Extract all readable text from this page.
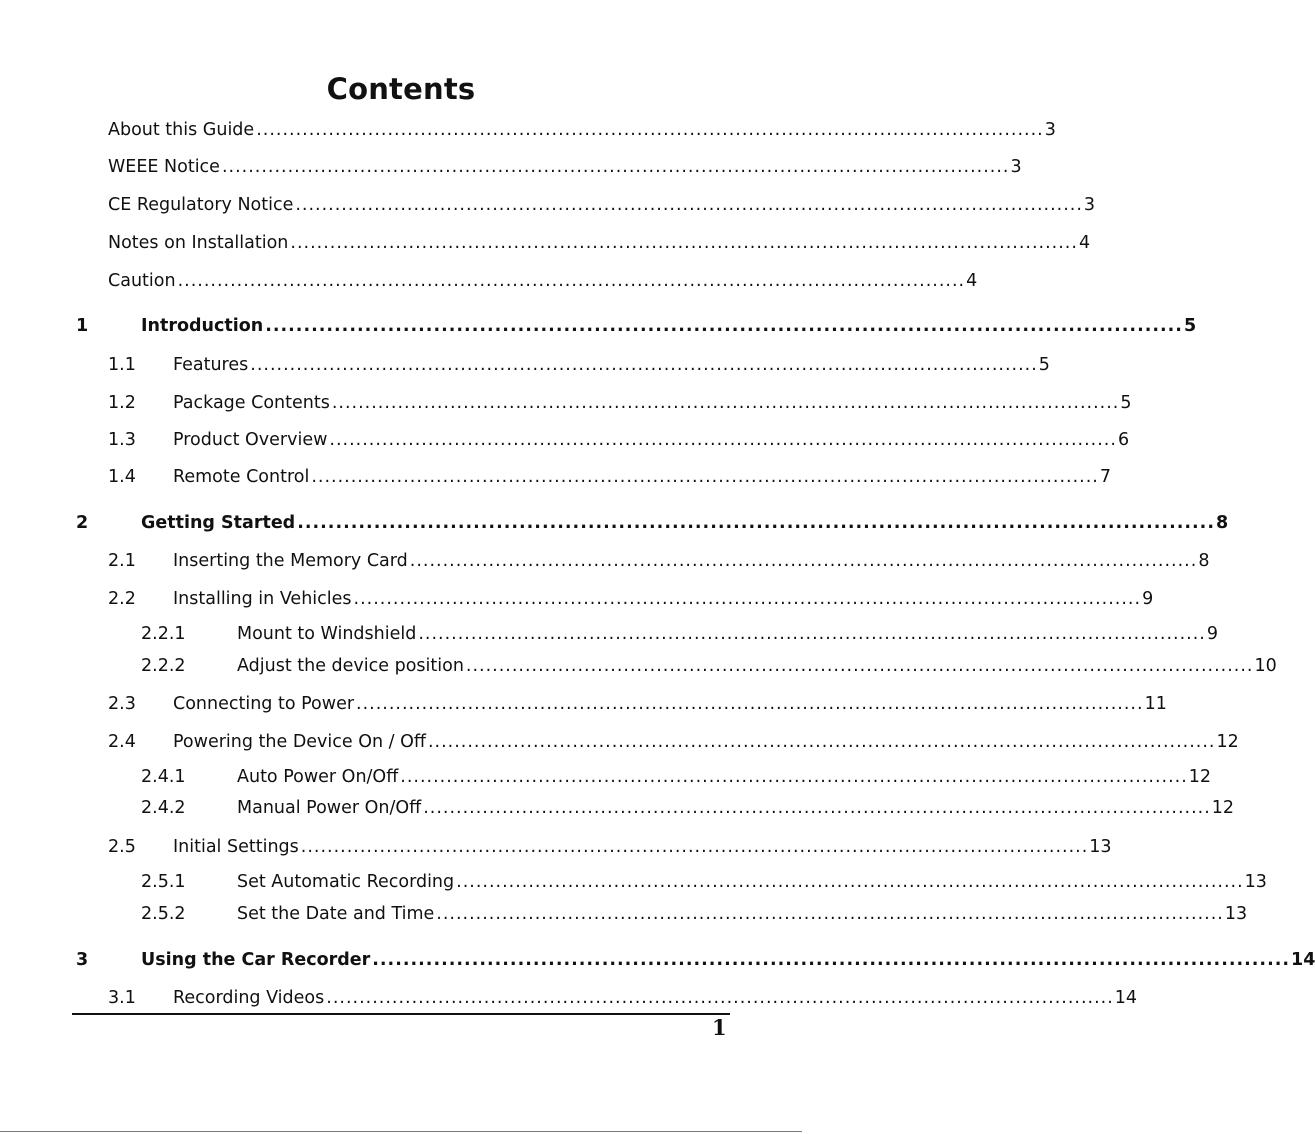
Contents
About this Guide ........................................................................................................................ 3
WEEE Notice ........................................................................................................................ 3
CE Regulatory Notice ........................................................................................................................ 3
Notes on Installation ........................................................................................................................ 4
Caution ........................................................................................................................ 4
1	Introduction ........................................................................................................................ 5
1.1	Features ........................................................................................................................ 5
1.2	Package Contents ........................................................................................................................ 5
1.3	Product Overview ........................................................................................................................ 6
1.4	Remote Control ........................................................................................................................ 7
2	Getting Started ........................................................................................................................ 8
2.1	Inserting the Memory Card ........................................................................................................................ 8
2.2	Installing in Vehicles ........................................................................................................................ 9
2.2.1	Mount to Windshield ........................................................................................................................ 9
2.2.2	Adjust the device position ........................................................................................................................ 10
2.3	Connecting to Power ........................................................................................................................ 11
2.4	Powering the Device On / Off ........................................................................................................................ 12
2.4.1	Auto Power On/Off ........................................................................................................................ 12
2.4.2	Manual Power On/Off ........................................................................................................................ 12
2.5	Initial Settings ........................................................................................................................ 13
2.5.1	Set Automatic Recording ........................................................................................................................ 13
2.5.2	Set the Date and Time ........................................................................................................................ 13
3	Using the Car Recorder ........................................................................................................................ 14
3.1	Recording Videos ........................................................................................................................ 14
1
